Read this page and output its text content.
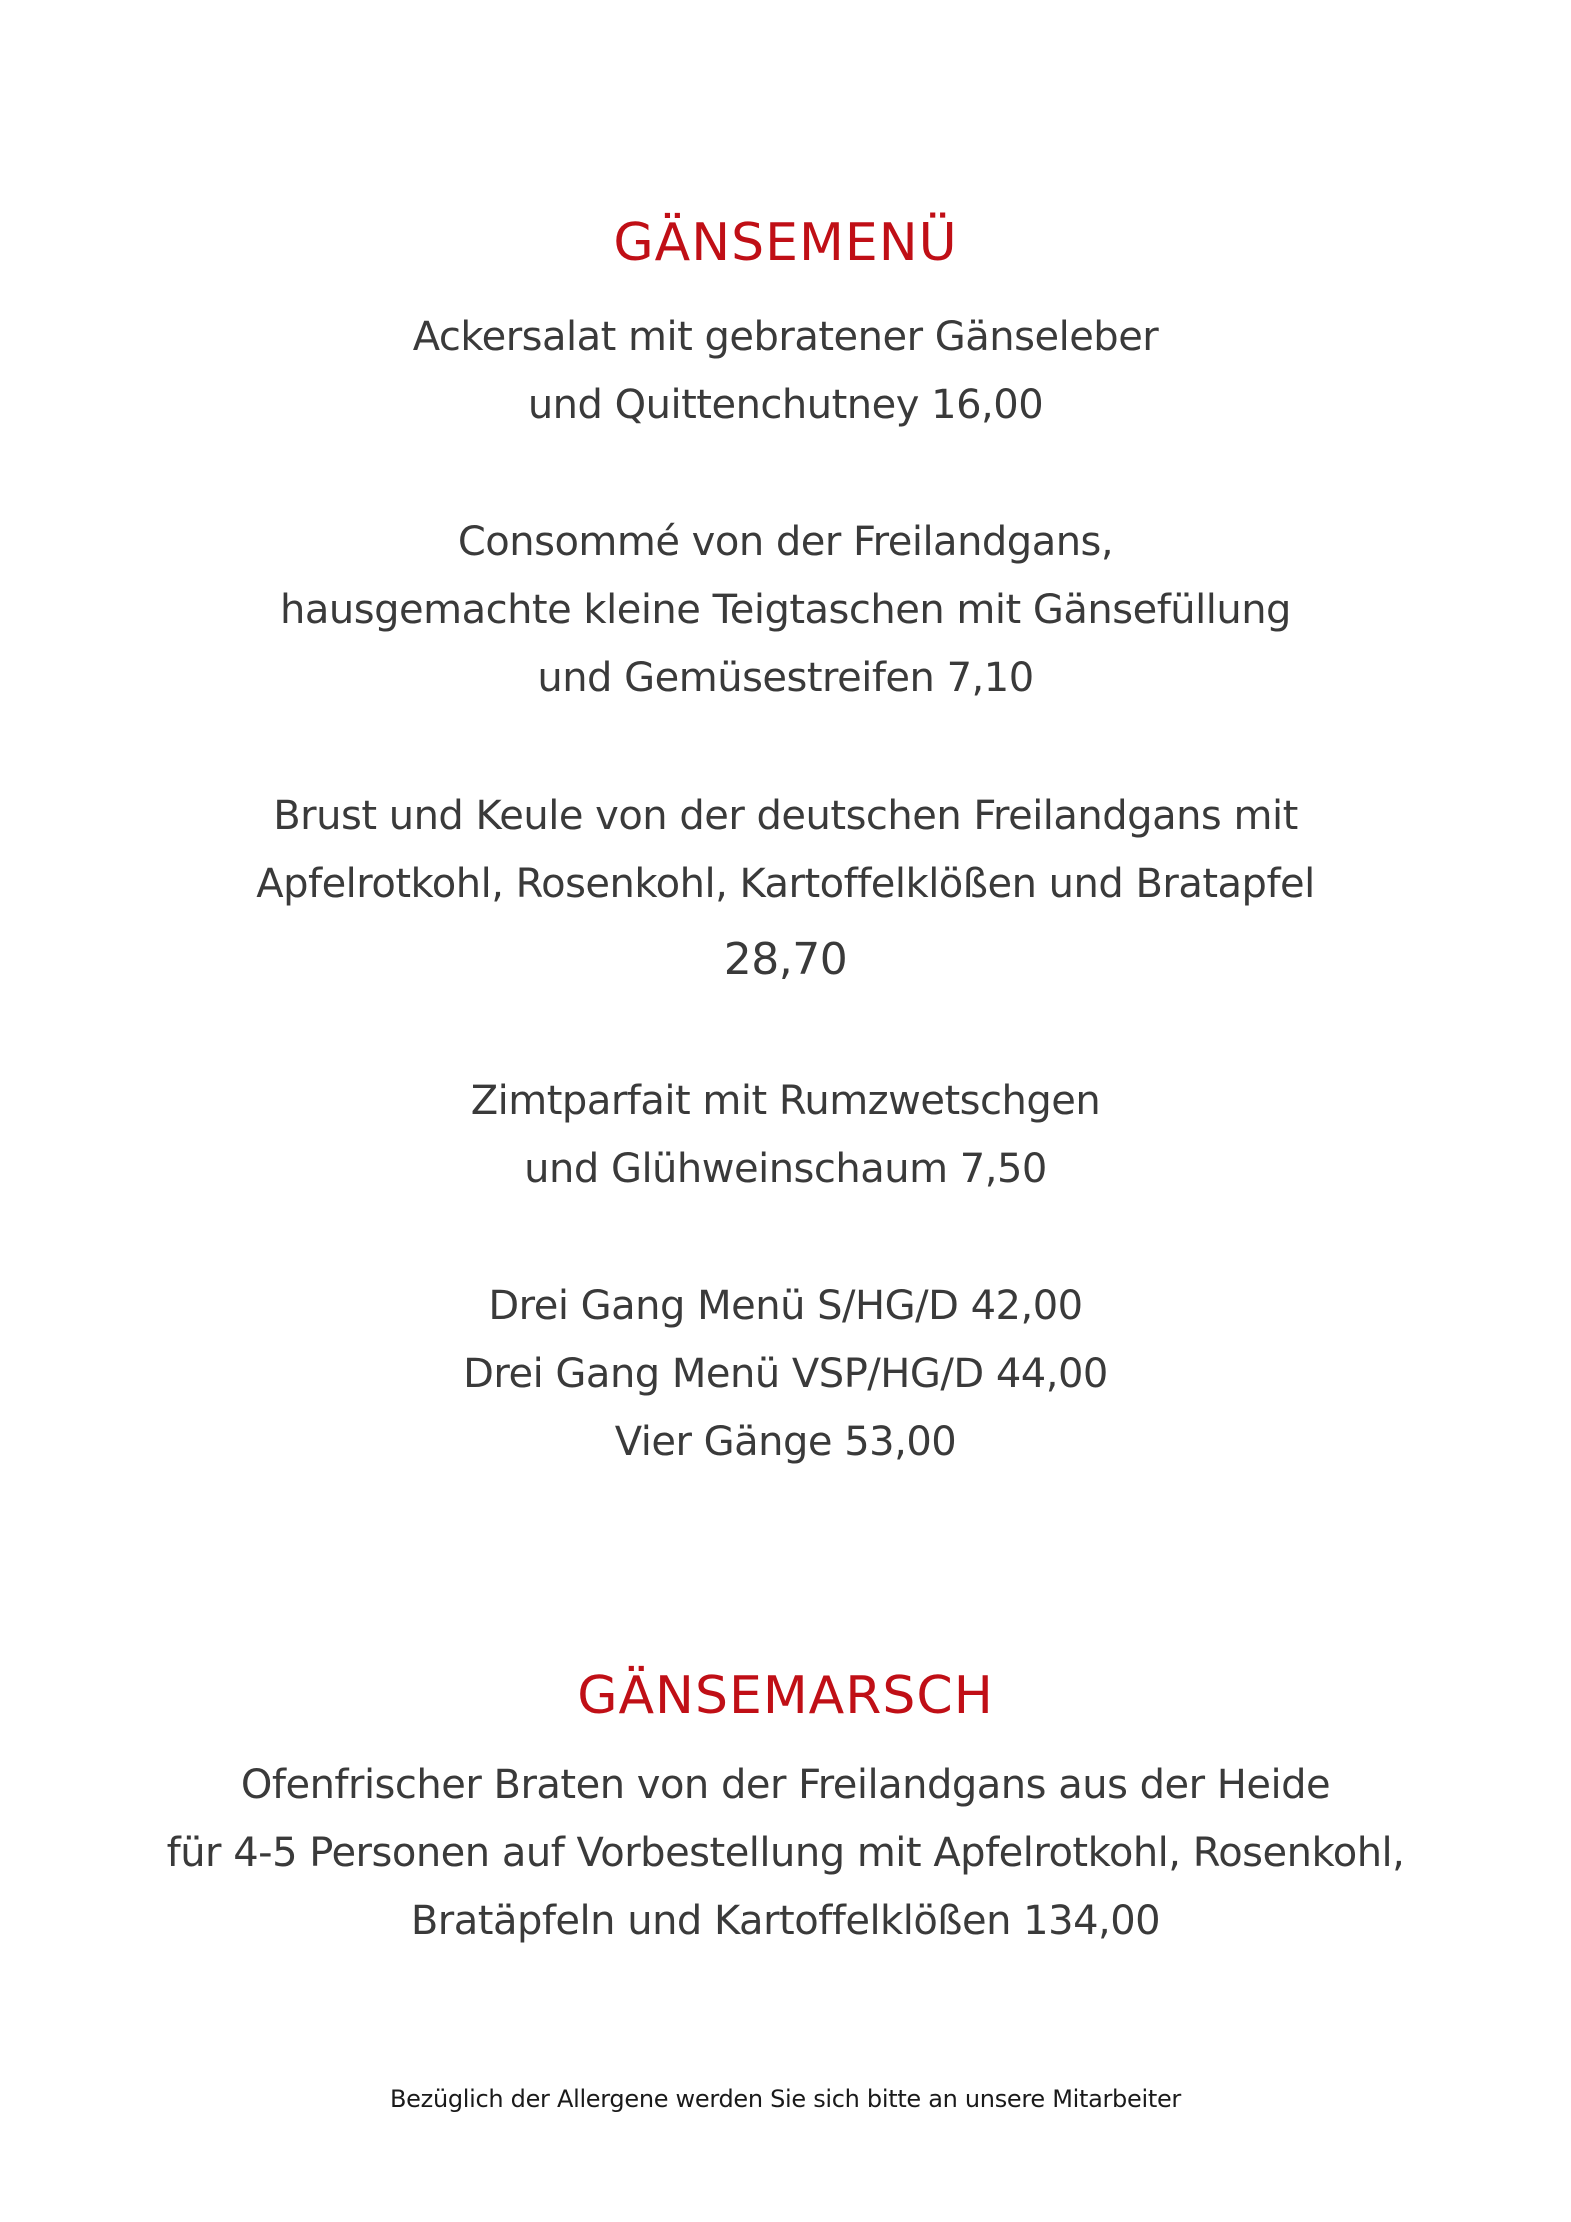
GÄNSEMENÜ
Ackersalat mit gebratener Gänseleber
und Quittenchutney 16,00
Consommé von der Freilandgans,
hausgemachte kleine Teigtaschen mit Gänsefüllung
und Gemüsestreifen 7,10
Brust und Keule von der deutschen Freilandgans mit
Apfelrotkohl, Rosenkohl, Kartoffelklößen und Bratapfel
28,70
Zimtparfait mit Rumzwetschgen
und Glühweinschaum 7,50
Drei Gang Menü S/HG/D 42,00
Drei Gang Menü VSP/HG/D 44,00
Vier Gänge 53,00
GÄNSEMARSCH
Ofenfrischer Braten von der Freilandgans aus der Heide
für 4-5 Personen auf Vorbestellung mit Apfelrotkohl, Rosenkohl,
Bratäpfeln und Kartoffelklößen 134,00
Bezüglich der Allergene werden Sie sich bitte an unsere Mitarbeiter
